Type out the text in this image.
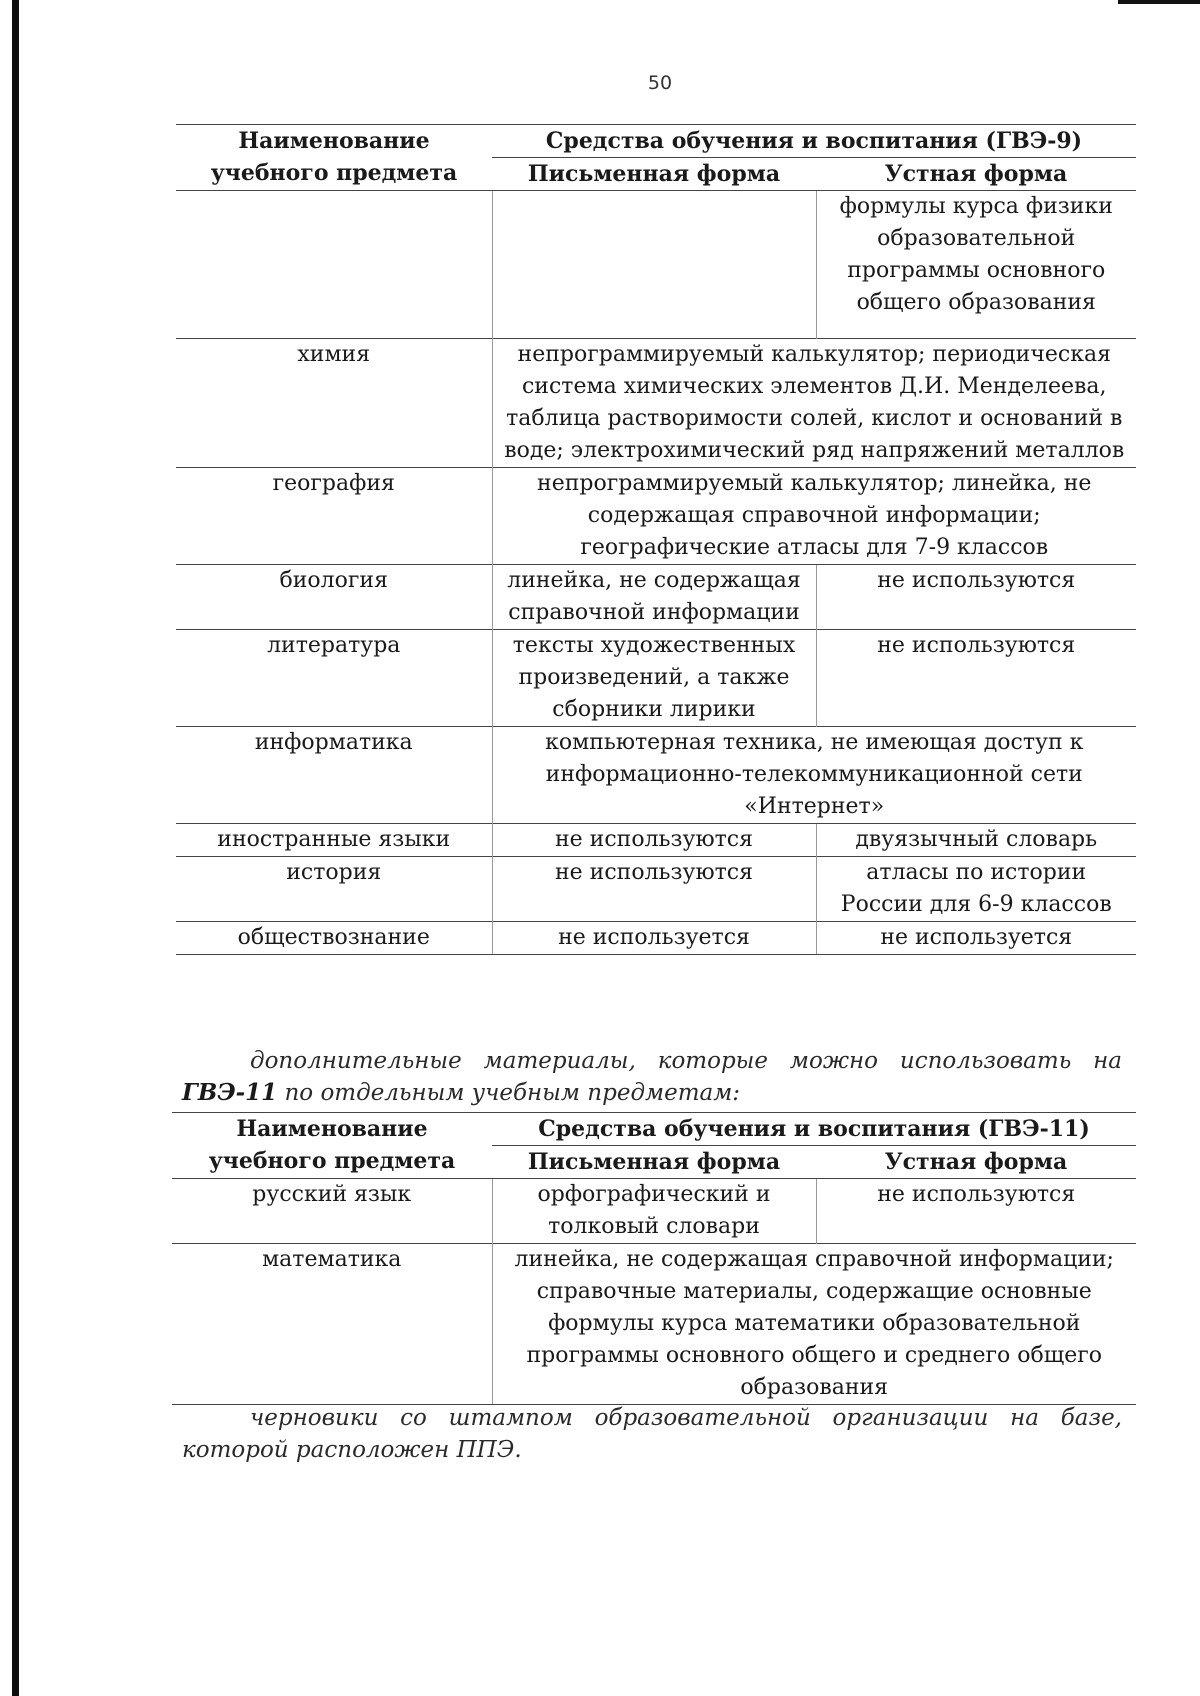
50
Наименование учебного предмета	Средства обучения и воспитания (ГВЭ-9)	
	Письменная форма	Устная форма
		формулы курса физики образовательной программы основного общего образования
химия	непрограммируемый калькулятор; периодическая система химических элементов Д.И. Менделеева, таблица растворимости солей, кислот и оснований в воде; электрохимический ряд напряжений металлов	
география	непрограммируемый калькулятор; линейка, не содержащая справочной информации; географические атласы для 7-9 классов	
биология	линейка, не содержащая справочной информации	не используются
литература	тексты художественных произведений, а также сборники лирики	не используются
информатика	компьютерная техника, не имеющая доступ к информационно-телекоммуникационной сети «Интернет»	
иностранные языки	не используются	двуязычный словарь
история	не используются	атласы по истории России для 6-9 классов
обществознание	не используется	не используется
дополнительные материалы, которые можно использовать на ГВЭ-11 по отдельным учебным предметам:
Наименование учебного предмета	Средства обучения и воспитания (ГВЭ-11)	
	Письменная форма	Устная форма
русский язык	орфографический и толковый словари	не используются
математика	линейка, не содержащая справочной информации; справочные материалы, содержащие основные формулы курса математики образовательной программы основного общего и среднего общего образования	
черновики со штампом образовательной организации на базе, которой расположен ППЭ.
